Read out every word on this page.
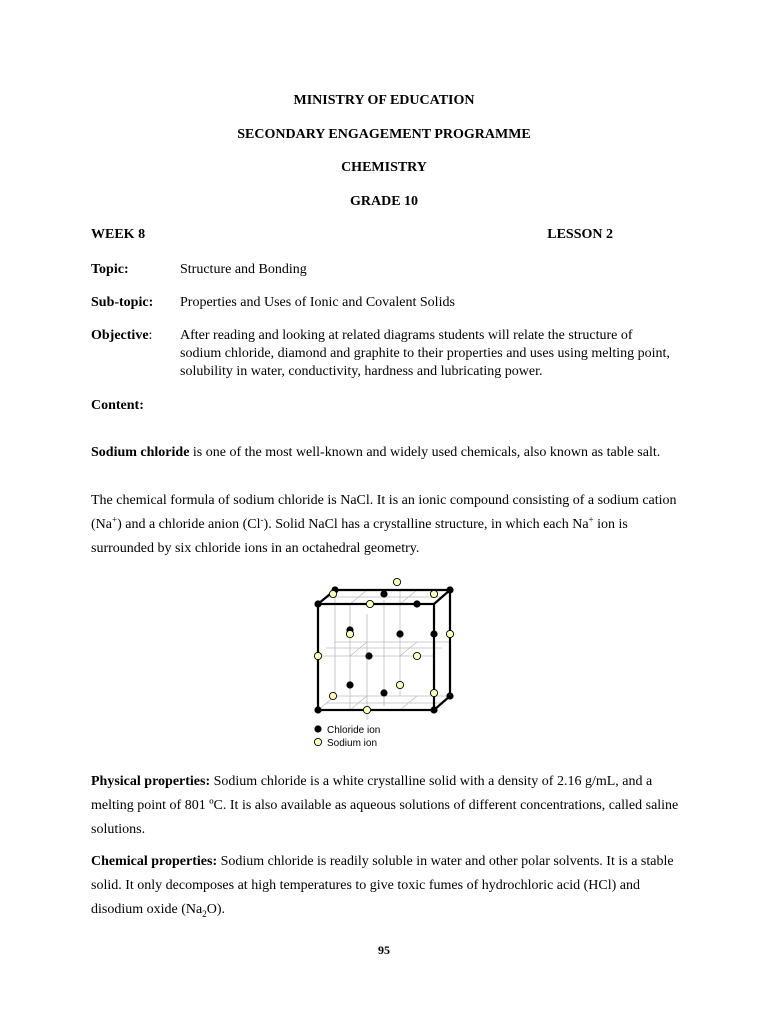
MINISTRY OF EDUCATION
SECONDARY ENGAGEMENT PROGRAMME
CHEMISTRY
GRADE 10
WEEK 8	LESSON 2
Topic:	Structure and Bonding
Sub-topic: Properties and Uses of Ionic and Covalent Solids
Objective: After reading and looking at related diagrams students will relate the structure of sodium chloride, diamond and graphite to their properties and uses using melting point, solubility in water, conductivity, hardness and lubricating power.
Content:

Sodium chloride is one of the most well-known and widely used chemicals, also known as table salt.

The chemical formula of sodium chloride is NaCl. It is an ionic compound consisting of a sodium cation (Na+) and a chloride anion (Cl-). Solid NaCl has a crystalline structure, in which each Na+ ion is surrounded by six chloride ions in an octahedral geometry.

Chloride ion
Sodium ion

Physical properties: Sodium chloride is a white crystalline solid with a density of 2.16 g/mL, and a melting point of 801 ºC. It is also available as aqueous solutions of different concentrations, called saline solutions.

Chemical properties: Sodium chloride is readily soluble in water and other polar solvents. It is a stable solid. It only decomposes at high temperatures to give toxic fumes of hydrochloric acid (HCl) and disodium oxide $(Na_2O)$.

95
